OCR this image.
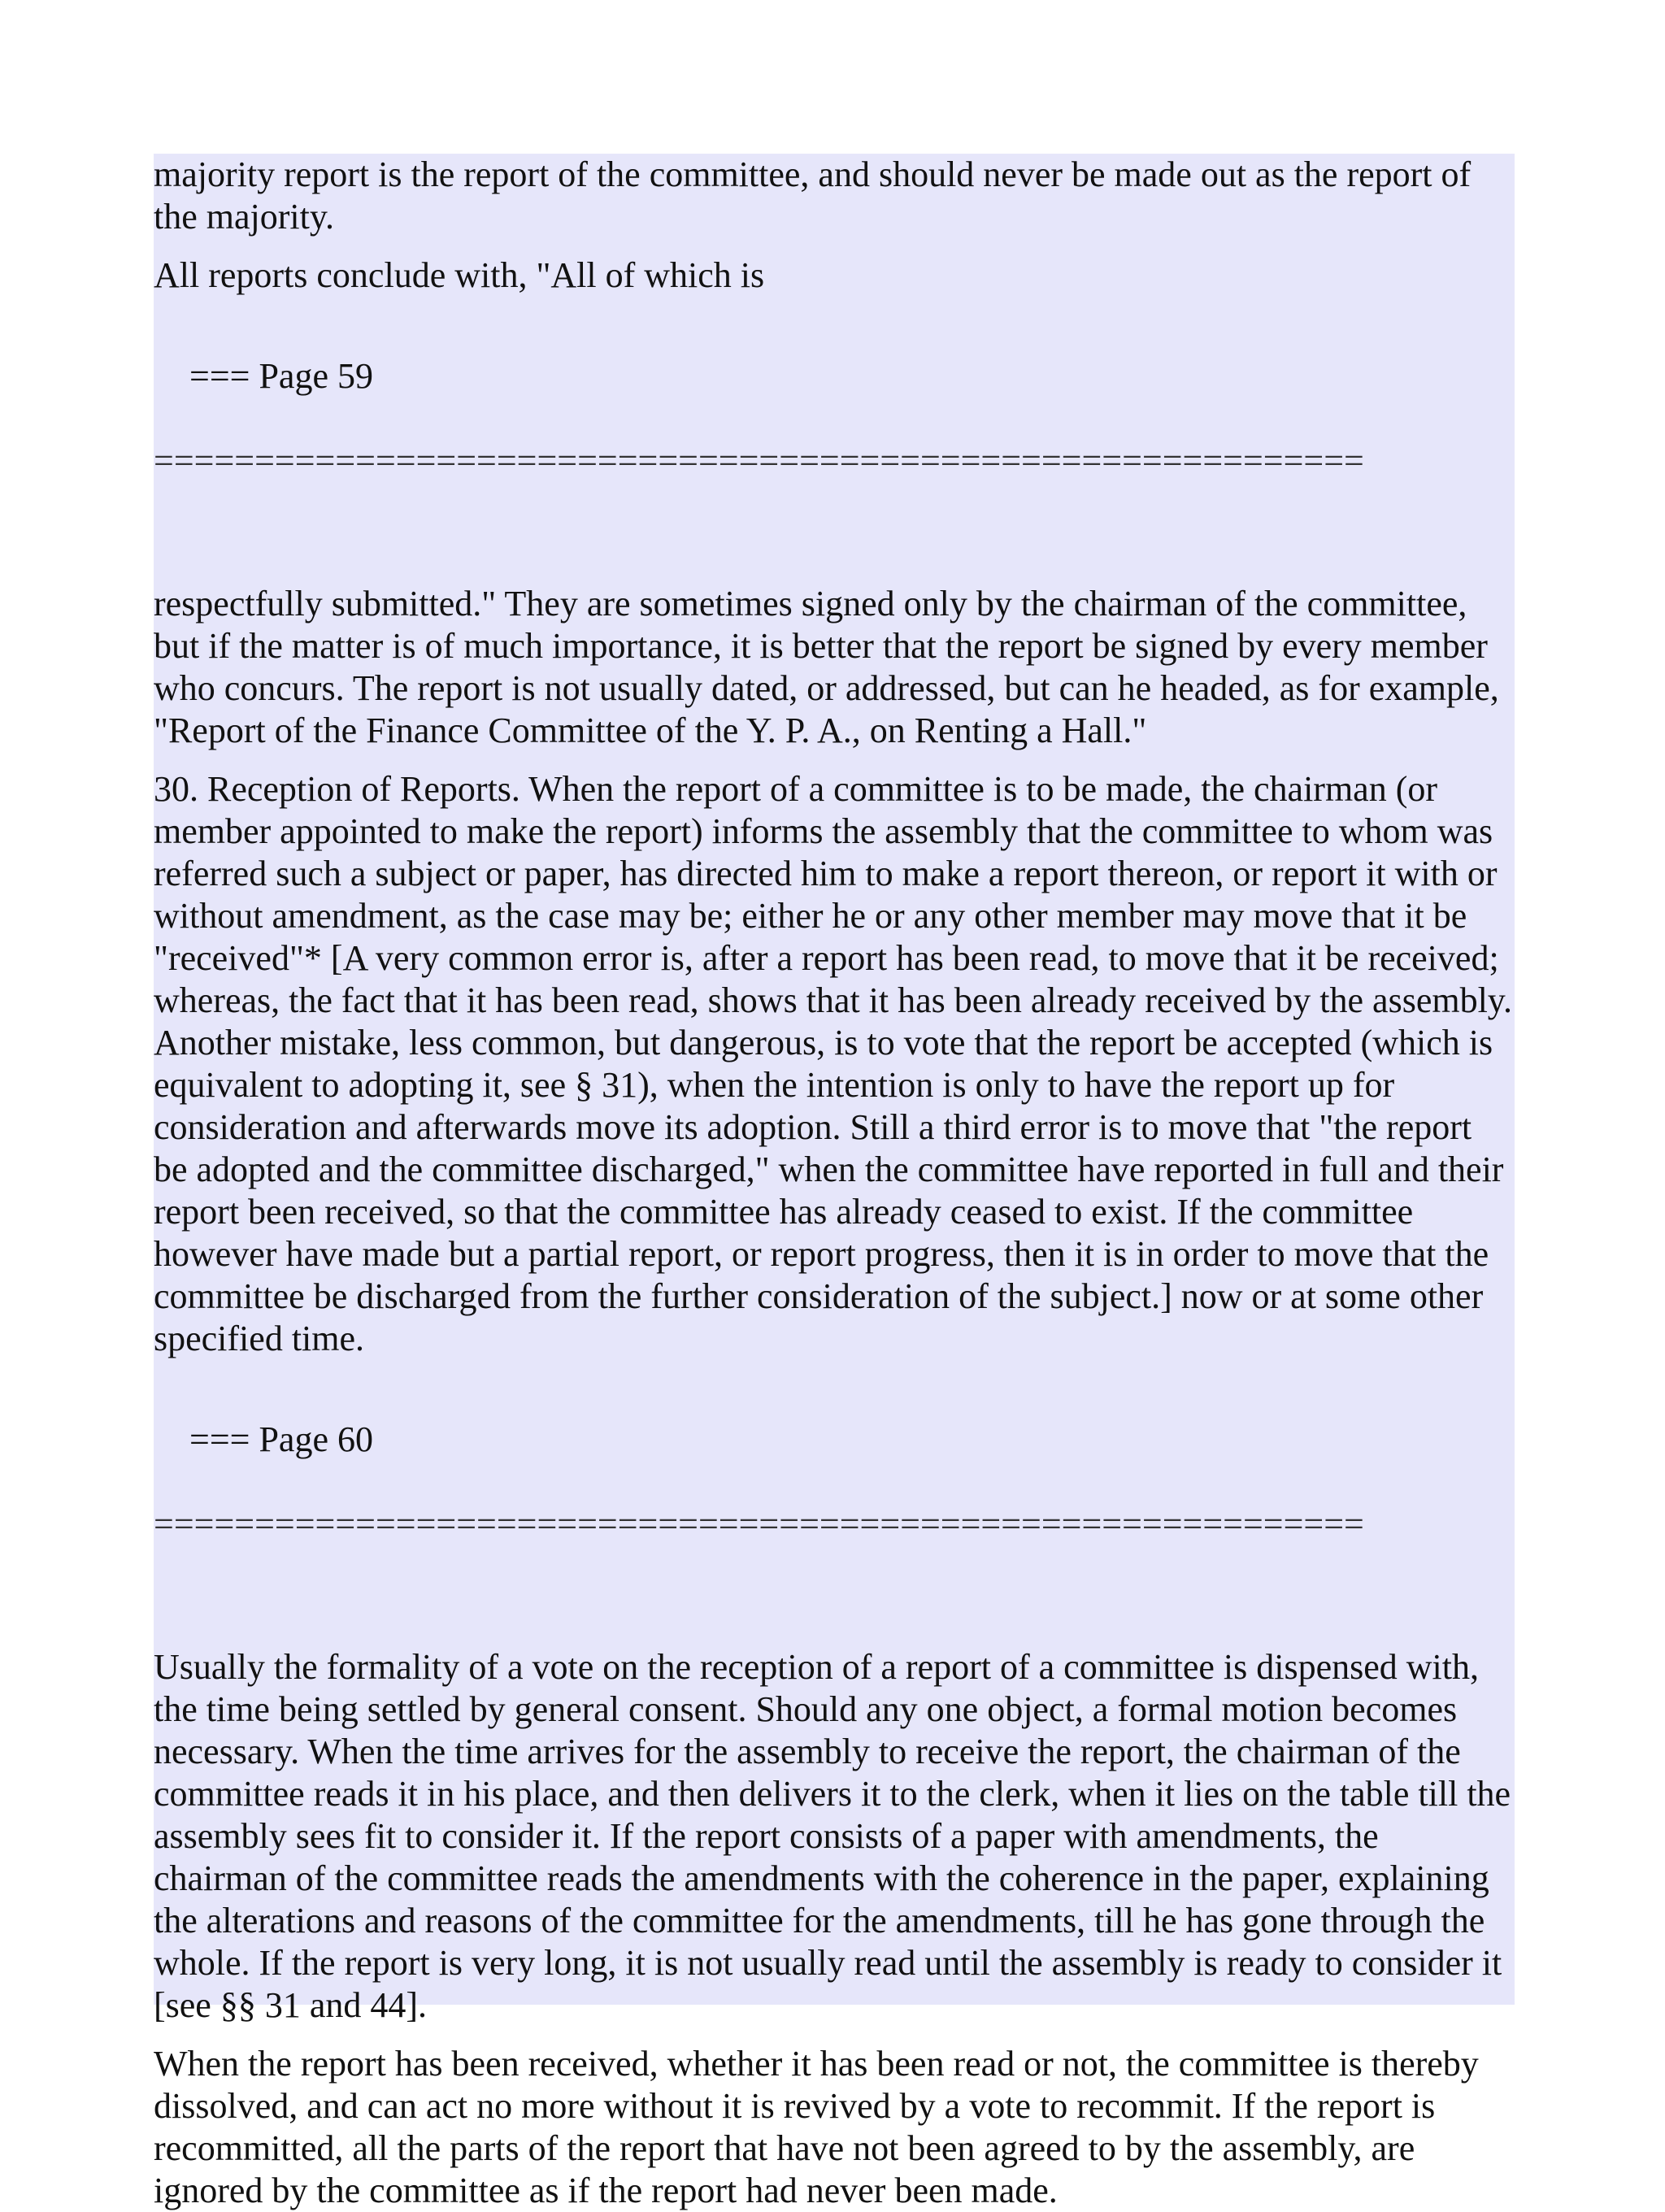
majority report is the report of the committee, and should never be made out as the report of the majority.

All reports conclude with, "All of which is

=== Page 59

============================================================

respectfully submitted." They are sometimes signed only by the chairman of the committee, but if the matter is of much importance, it is better that the report be signed by every member who concurs. The report is not usually dated, or addressed, but can he headed, as for example, "Report of the Finance Committee of the Y. P. A., on Renting a Hall."

30. Reception of Reports. When the report of a committee is to be made, the chairman (or member appointed to make the report) informs the assembly that the committee to whom was referred such a subject or paper, has directed him to make a report thereon, or report it with or without amendment, as the case may be; either he or any other member may move that it be "received"* [A very common error is, after a report has been read, to move that it be received; whereas, the fact that it has been read, shows that it has been already received by the assembly. Another mistake, less common, but dangerous, is to vote that the report be accepted (which is equivalent to adopting it, see § 31), when the intention is only to have the report up for consideration and afterwards move its adoption. Still a third error is to move that "the report be adopted and the committee discharged," when the committee have reported in full and their report been received, so that the committee has already ceased to exist. If the committee however have made but a partial report, or report progress, then it is in order to move that the committee be discharged from the further consideration of the subject.] now or at some other specified time.

=== Page 60

============================================================

Usually the formality of a vote on the reception of a report of a committee is dispensed with, the time being settled by general consent. Should any one object, a formal motion becomes necessary. When the time arrives for the assembly to receive the report, the chairman of the committee reads it in his place, and then delivers it to the clerk, when it lies on the table till the assembly sees fit to consider it. If the report consists of a paper with amendments, the chairman of the committee reads the amendments with the coherence in the paper, explaining the alterations and reasons of the committee for the amendments, till he has gone through the whole. If the report is very long, it is not usually read until the assembly is ready to consider it [see §§ 31 and 44].

When the report has been received, whether it has been read or not, the committee is thereby dissolved, and can act no more without it is revived by a vote to recommit. If the report is recommitted, all the parts of the report that have not been agreed to by the assembly, are ignored by the committee as if the report had never been made.
